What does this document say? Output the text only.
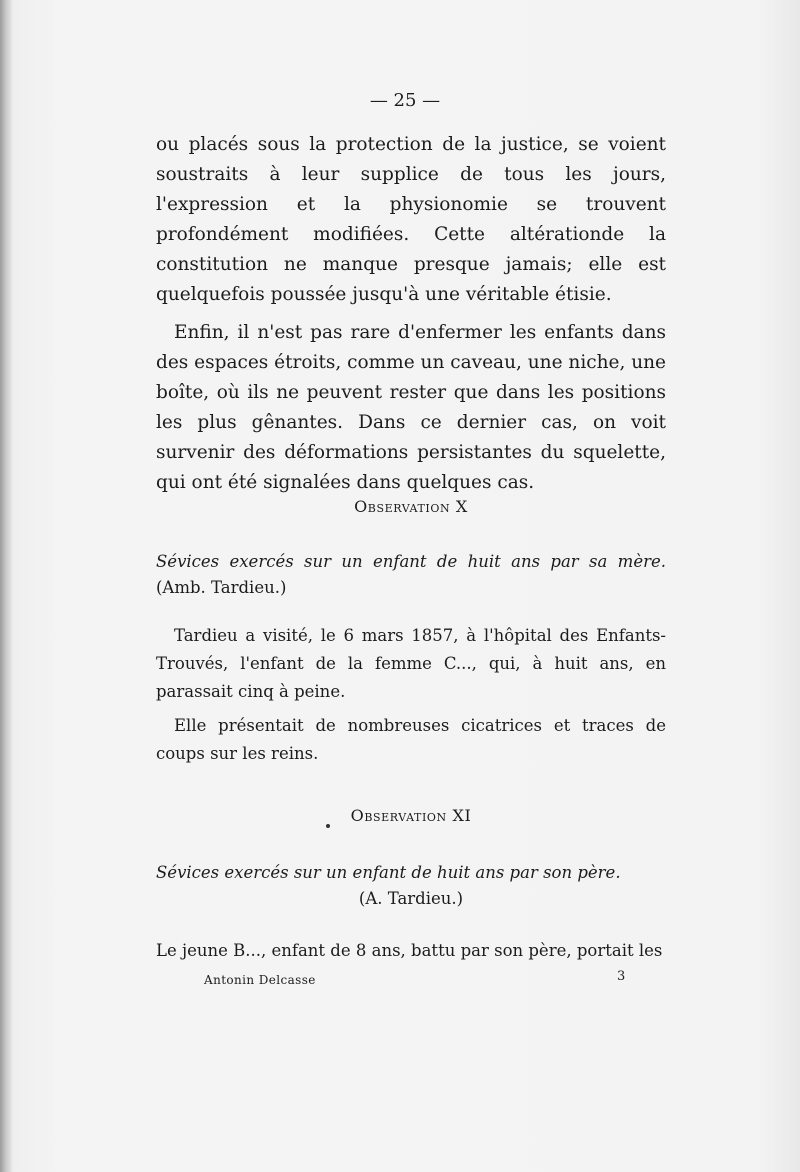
— 25 —

ou placés sous la protection de la justice, se voient soustraits à leur supplice de tous les jours, l'expression et la physionomie se trouvent profondément modifiées. Cette altérationde la constitution ne manque presque jamais; elle est quelquefois poussée jusqu'à une véritable étisie.

Enfin, il n'est pas rare d'enfermer les enfants dans des espaces étroits, comme un caveau, une niche, une boîte, où ils ne peuvent rester que dans les positions les plus gênantes. Dans ce dernier cas, on voit survenir des déformations persistantes du squelette, qui ont été signalées dans quelques cas.

Observation X
Sévices exercés sur un enfant de huit ans par sa mère. (Amb. Tardieu.)

Tardieu a visité, le 6 mars 1857, à l'hôpital des Enfants-Trouvés, l'enfant de la femme C..., qui, à huit ans, en parassait cinq à peine.

Elle présentait de nombreuses cicatrices et traces de coups sur les reins.

Observation XI
Sévices exercés sur un enfant de huit ans par son père.
(A. Tardieu.)

Le jeune B..., enfant de 8 ans, battu par son père, portait les

Antonin Delcasse	3
